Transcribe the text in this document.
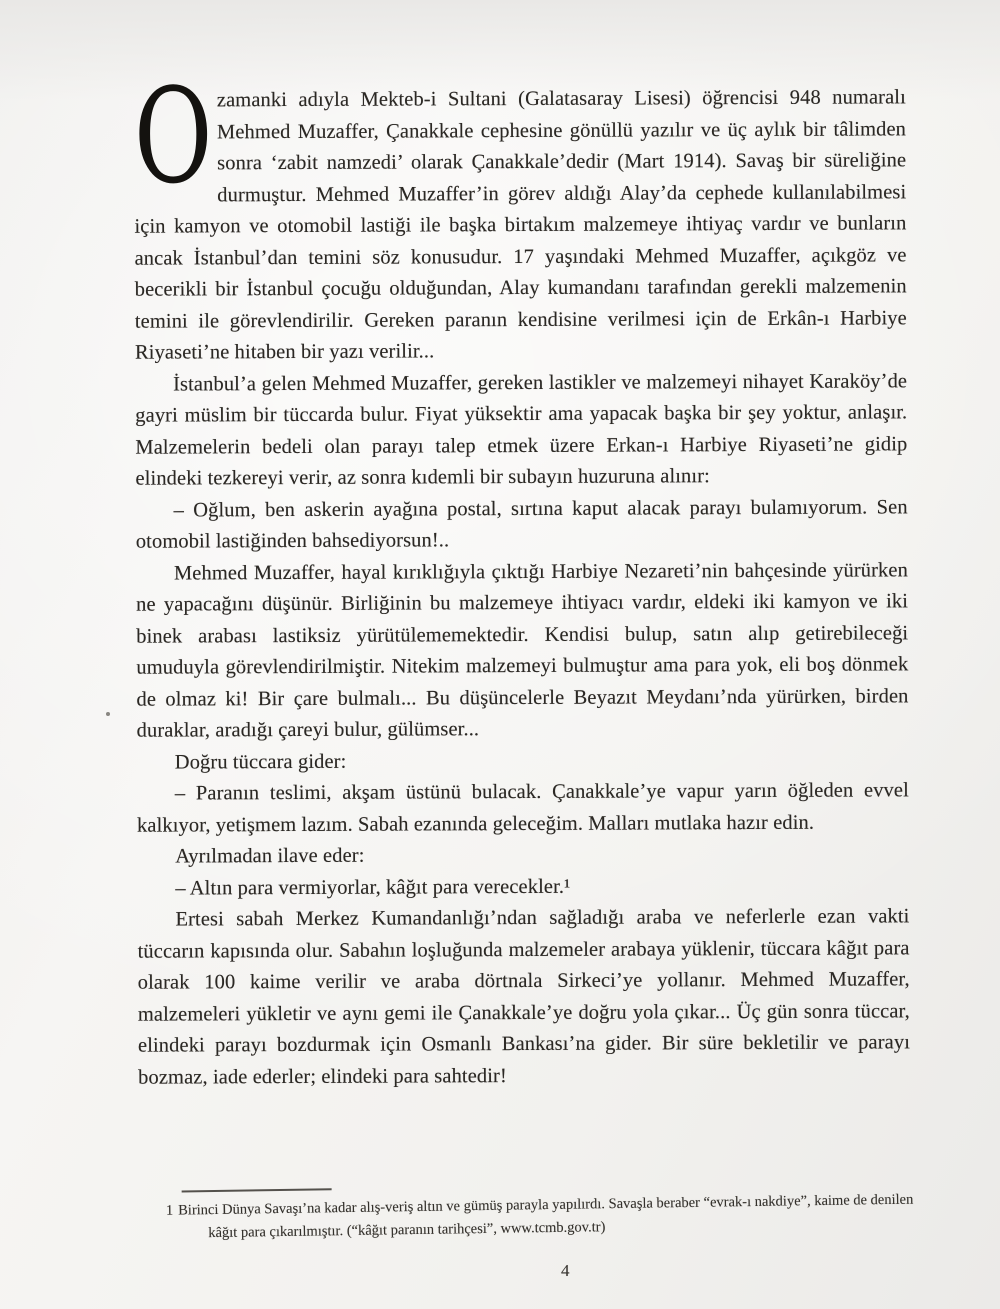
Ozamanki adıyla Mekteb-i Sultani (Galatasaray Lisesi) öğrencisi 948 numaralı Mehmed Muzaffer, Çanakkale cephesine gönüllü yazılır ve üç aylık bir tâlimden sonra ‘zabit namzedi’ olarak Çanakkale’dedir (Mart 1914). Savaş bir süreliğine durmuştur. Mehmed Muzaffer’in görev aldığı Alay’da cephede kullanılabilmesi için kamyon ve otomobil lastiği ile başka birtakım malzemeye ihtiyaç vardır ve bunların ancak İstanbul’dan temini söz konusudur. 17 yaşındaki Mehmed Muzaffer, açıkgöz ve becerikli bir İstanbul çocuğu olduğundan, Alay kumandanı tarafından gerekli malzemenin temini ile görevlendirilir. Gereken paranın kendisine verilmesi için de Erkân-ı Harbiye Riyaseti’ne hitaben bir yazı verilir...

İstanbul’a gelen Mehmed Muzaffer, gereken lastikler ve malzemeyi nihayet Karaköy’de gayri müslim bir tüccarda bulur. Fiyat yüksektir ama yapacak başka bir şey yoktur, anlaşır. Malzemelerin bedeli olan parayı talep etmek üzere Erkan-ı Harbiye Riyaseti’ne gidip elindeki tezkereyi verir, az sonra kıdemli bir subayın huzuruna alınır:

– Oğlum, ben askerin ayağına postal, sırtına kaput alacak parayı bulamıyorum. Sen otomobil lastiğinden bahsediyorsun!..

Mehmed Muzaffer, hayal kırıklığıyla çıktığı Harbiye Nezareti’nin bahçesinde yürürken ne yapacağını düşünür. Birliğinin bu malzemeye ihtiyacı vardır, eldeki iki kamyon ve iki binek arabası lastiksiz yürütülememektedir. Kendisi bulup, satın alıp getirebileceği umuduyla görevlendirilmiştir. Nitekim malzemeyi bulmuştur ama para yok, eli boş dönmek de olmaz ki! Bir çare bulmalı... Bu düşüncelerle Beyazıt Meydanı’nda yürürken, birden duraklar, aradığı çareyi bulur, gülümser...

Doğru tüccara gider:

– Paranın teslimi, akşam üstünü bulacak. Çanakkale’ye vapur yarın öğleden evvel kalkıyor, yetişmem lazım. Sabah ezanında geleceğim. Malları mutlaka hazır edin.

Ayrılmadan ilave eder:

– Altın para vermiyorlar, kâğıt para verecekler.¹

Ertesi sabah Merkez Kumandanlığı’ndan sağladığı araba ve neferlerle ezan vakti tüccarın kapısında olur. Sabahın loşluğunda malzemeler arabaya yüklenir, tüccara kâğıt para olarak 100 kaime verilir ve araba dörtnala Sirkeci’ye yollanır. Mehmed Muzaffer, malzemeleri yükletir ve aynı gemi ile Çanakkale’ye doğru yola çıkar... Üç gün sonra tüccar, elindeki parayı bozdurmak için Osmanlı Bankası’na gider. Bir süre bekletilir ve parayı bozmaz, iade ederler; elindeki para sahtedir!

1 Birinci Dünya Savaşı’na kadar alış-veriş altın ve gümüş parayla yapılırdı. Savaşla beraber “evrak-ı nakdiye”, kaime de denilen kâğıt para çıkarılmıştır. (“kâğıt paranın tarihçesi”, www.tcmb.gov.tr)

4
